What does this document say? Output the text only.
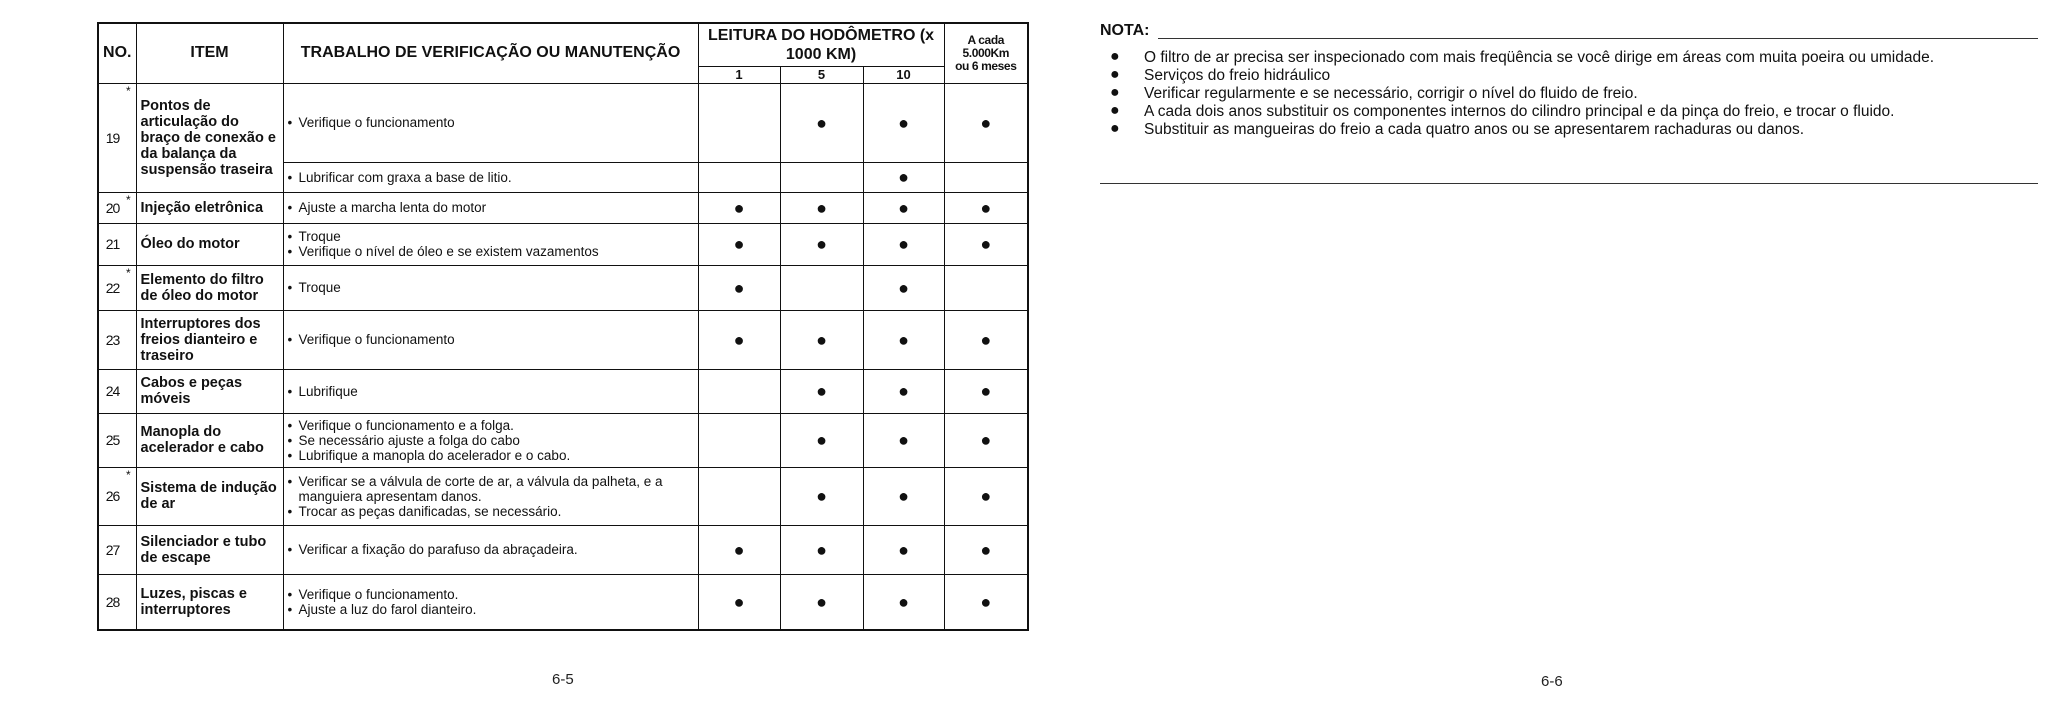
NO.		ITEM	TRABALHO DE VERIFICAÇÃO OU MANUTENÇÃO	LEITURA DO HODÔMETRO (x 1000 KM)			A cada
5.000Km
ou 6 meses

				1	5	10	
19	*	Pontos de articulação do braço de conexão e da balança da suspensão traseira	• Verifique o funcionamento		●	●	●

			• Lubrificar com graxa a base de litio.			●	
20	*	Injeção eletrônica	• Ajuste a marcha lenta do motor	●	●	●	●
21		Óleo do motor	• Troque
• Verifique o nível de óleo e se existem vazamentos	●	●	●	●
22	*	Elemento do filtro de óleo do motor	• Troque	●		●	
23		Interruptores dos freios dianteiro e traseiro	• Verifique o funcionamento	●	●	●	●
24		Cabos e peças móveis	• Lubrifique		●	●	●
25		Manopla do acelerador e cabo	• Verifique o funcionamento e a folga.
• Se necessário ajuste a folga do cabo
• Lubrifique a manopla do acelerador e o cabo.		●	●	●
26	*	Sistema de indução de ar	• Verificar se a válvula de corte de ar, a válvula da palheta, e a manguiera apresentam danos.
• Trocar as peças danificadas, se necessário.		●	●	●
27		Silenciador e tubo de escape	• Verificar a fixação do parafuso da abraçadeira.	●	●	●	●
28		Luzes, piscas e interruptores	• Verifique o funcionamento.
• Ajuste a luz do farol dianteiro.	●	●	●	●
6-5
NOTA:
● O filtro de ar precisa ser inspecionado com mais freqüência se você dirige em áreas com muita poeira ou umidade.
● Serviços do freio hidráulico
● Verificar regularmente e se necessário, corrigir o nível do fluido de freio.
● A cada dois anos substituir os componentes internos do cilindro principal e da pinça do freio, e trocar o fluido.
● Substituir as mangueiras do freio a cada quatro anos ou se apresentarem rachaduras ou danos.
6-6
